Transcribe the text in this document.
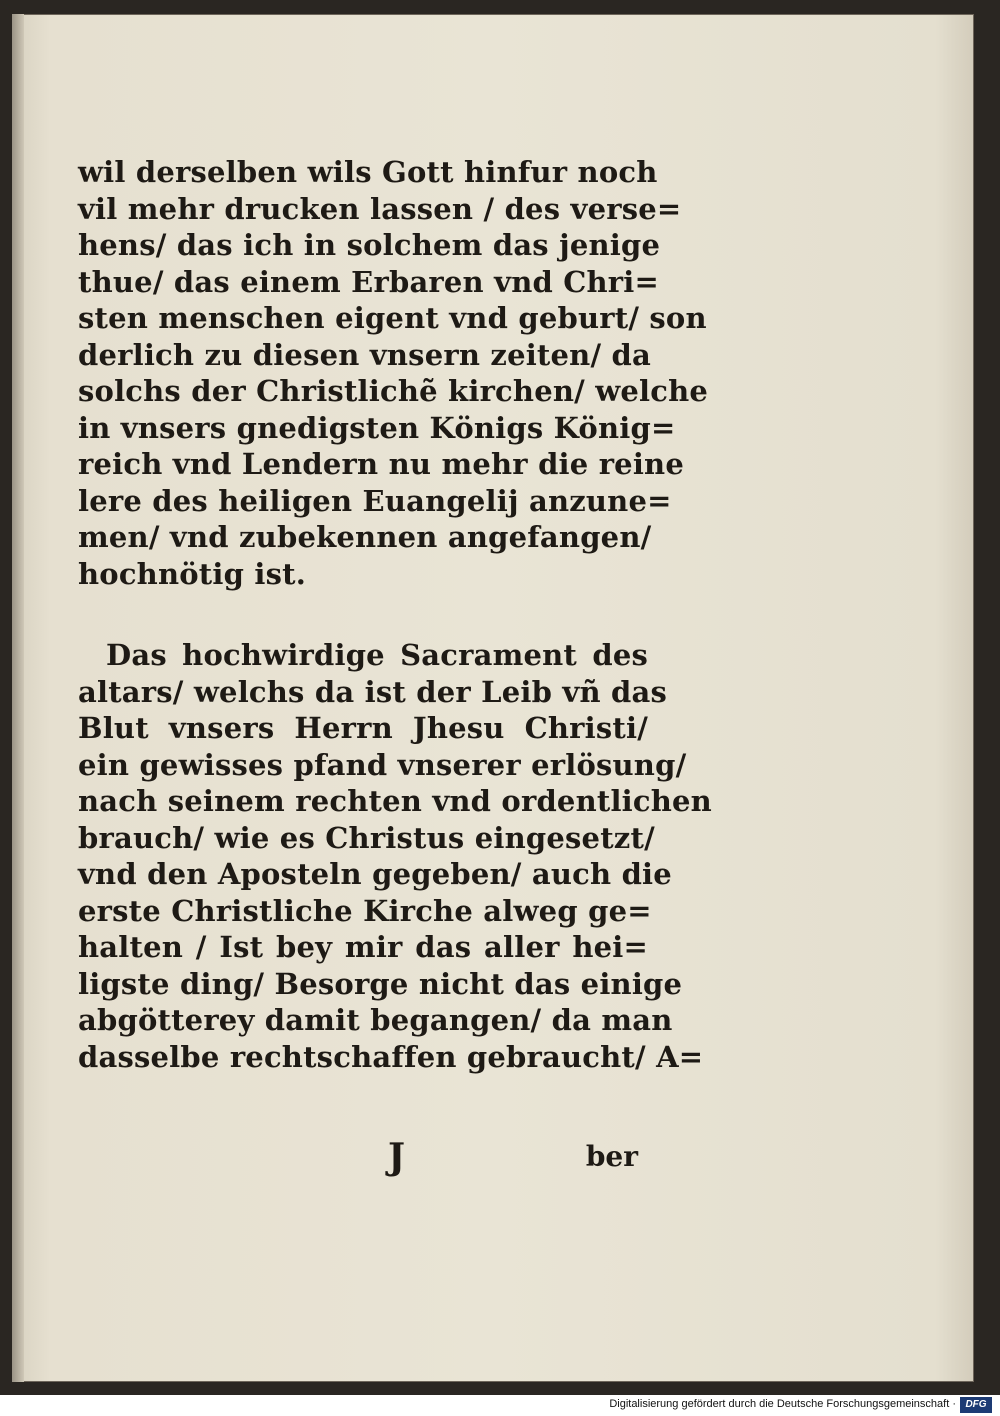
wil derselben wils Gott hinfur noch
vil mehr drucken lassen / des verse=
hens/ das ich in solchem das jenige
thue/ das einem Erbaren vnd Chri=
sten menschen eigent vnd geburt/ son
derlich zu diesen vnsern zeiten/ da
solchs der Christlichẽ kirchen/ welche
in vnsers gnedigsten Königs König=
reich vnd Lendern nu mehr die reine
lere des heiligen Euangelij anzune=
men/ vnd zubekennen angefangen/
hochnötig ist.
Das hochwirdige Sacrament des
altars/ welchs da ist der Leib vñ das
Blut vnsers Herrn Jhesu Christi/
ein gewisses pfand vnserer erlösung/
nach seinem rechten vnd ordentlichen
brauch/ wie es Christus eingesetzt/
vnd den Aposteln gegeben/ auch die
erste Christliche Kirche alweg ge=
halten / Ist bey mir das aller hei=
ligste ding/ Besorge nicht das einige
abgötterey damit begangen/ da man
dasselbe rechtschaffen gebraucht/ A=
J	ber
Digitalisierung gefördert durch die Deutsche Forschungsgemeinschaft · DFG
